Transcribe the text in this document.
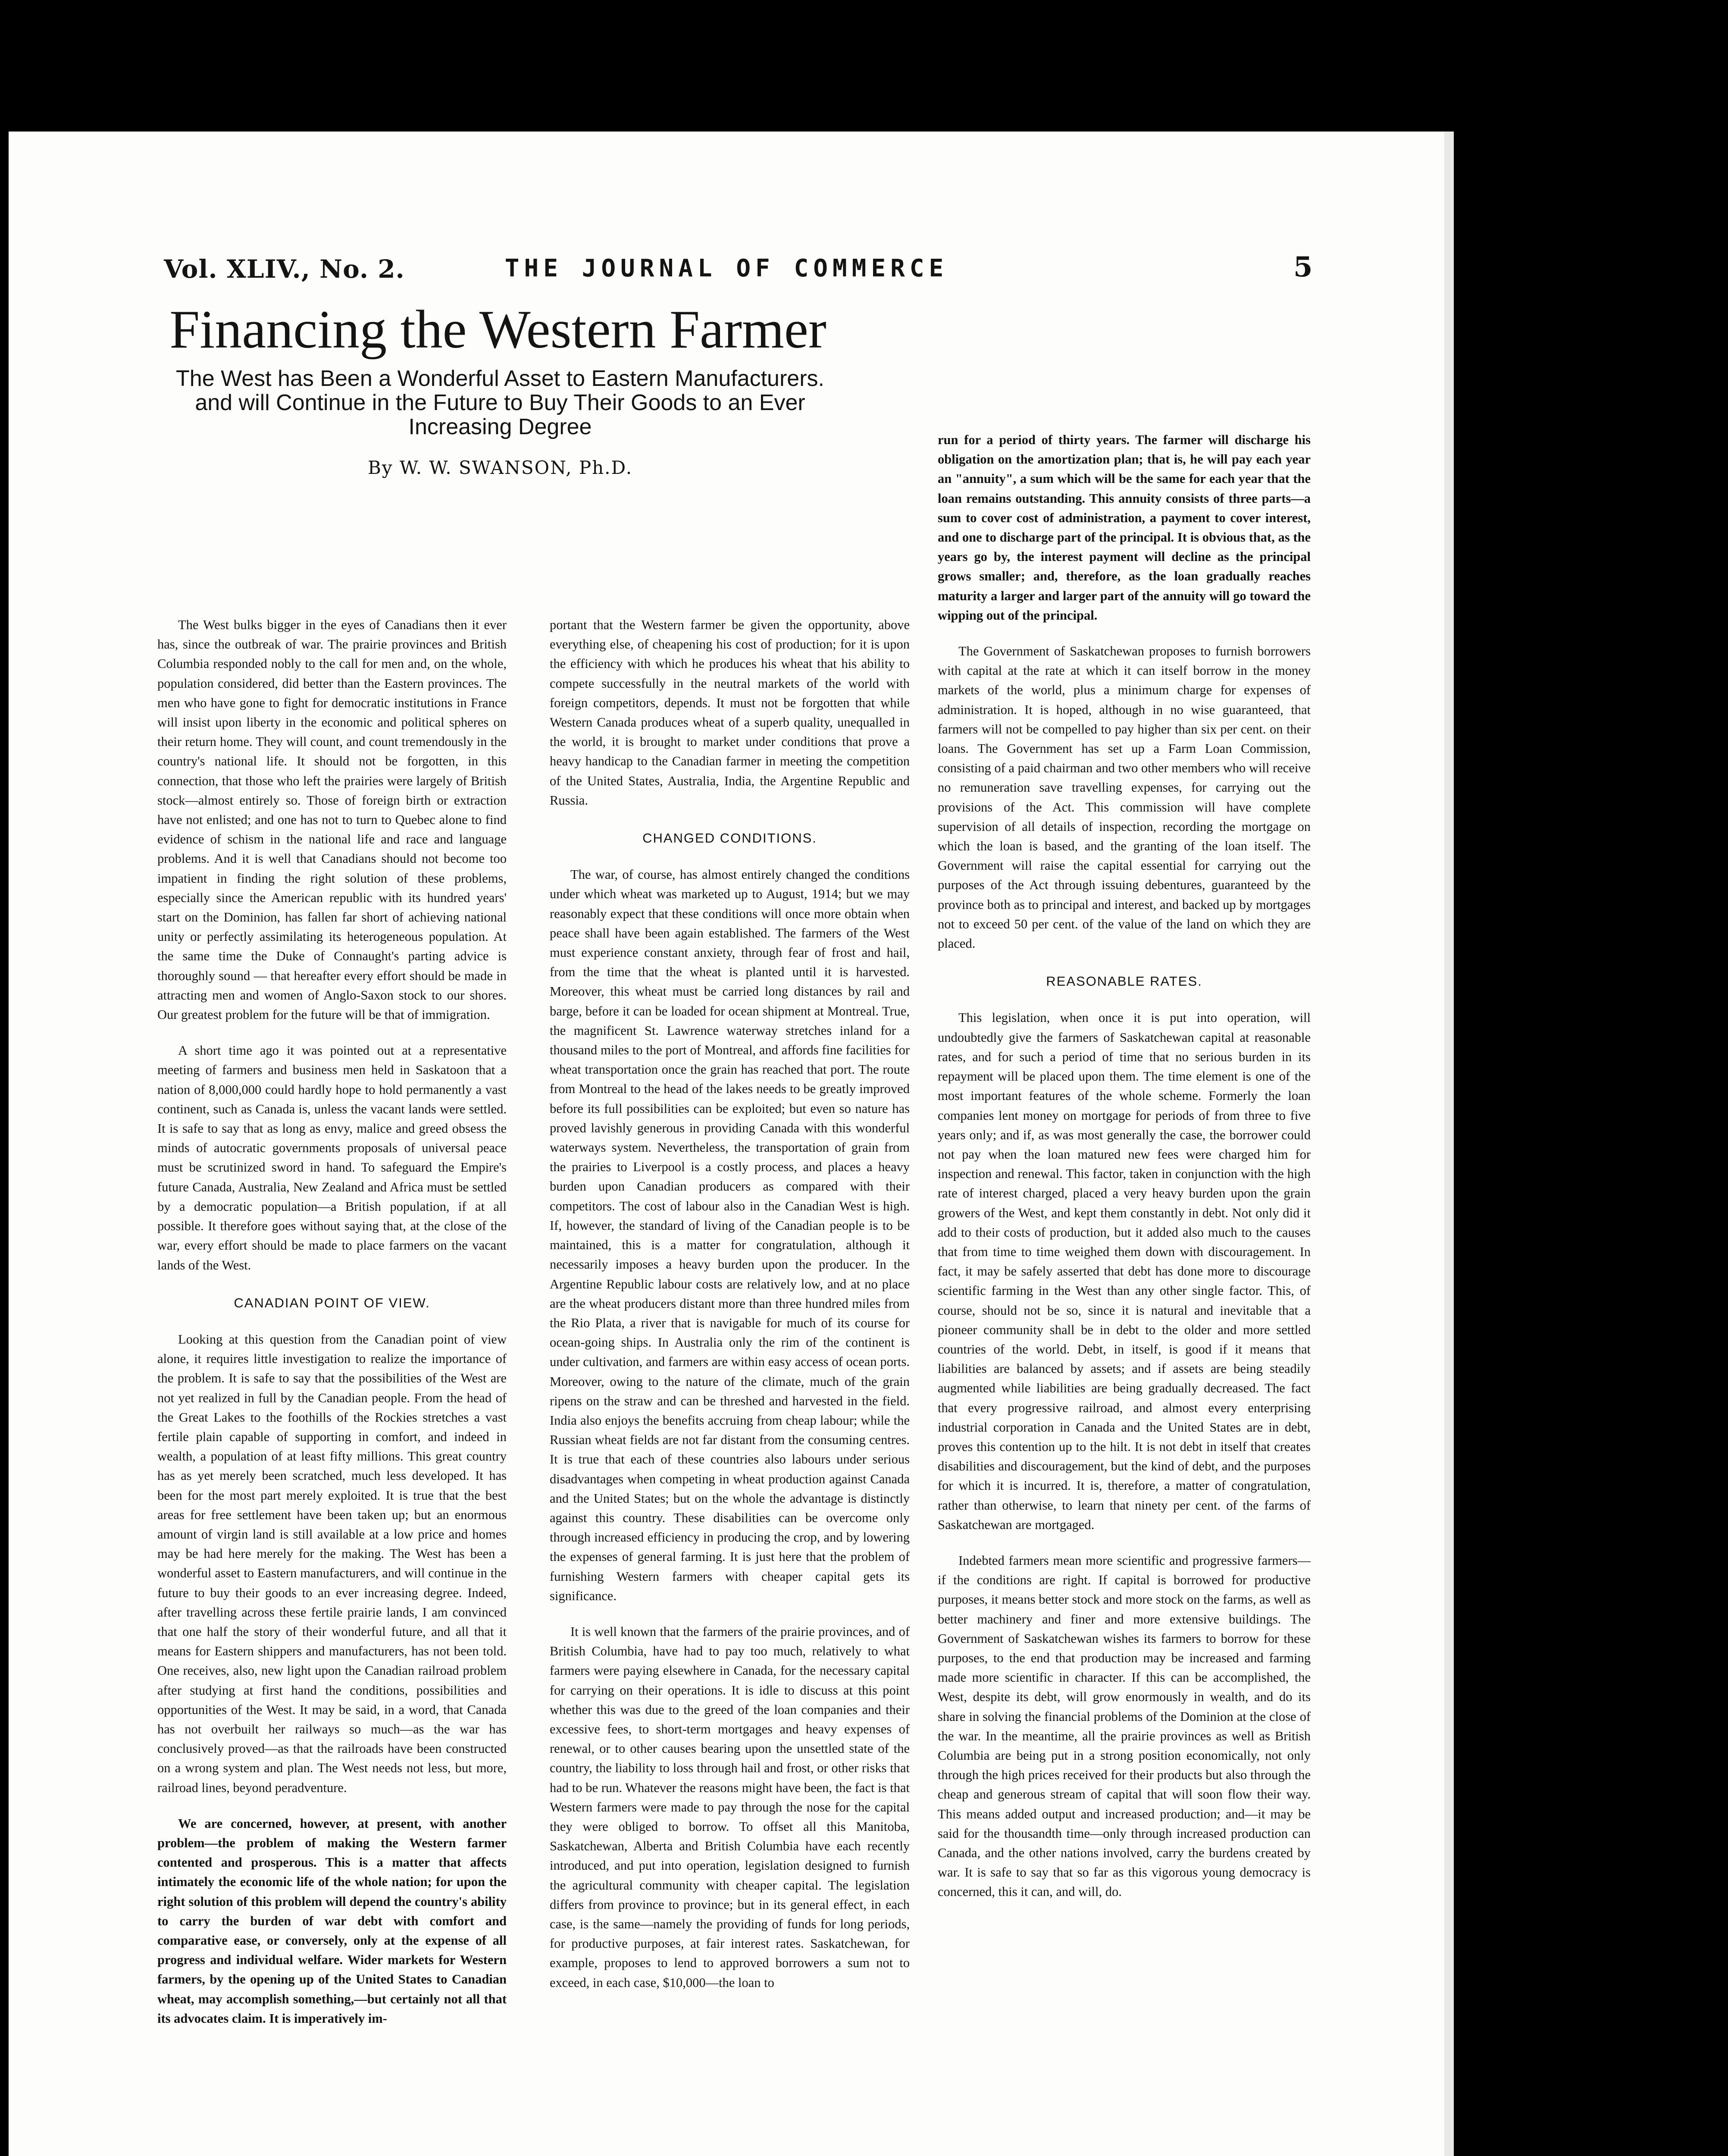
Vol. XLIV., No. 2.	THE JOURNAL OF COMMERCE	5
Financing the Western Farmer
The West has Been a Wonderful Asset to Eastern Manufacturers. and will Continue in the Future to Buy Their Goods to an Ever Increasing Degree
By W. W. SWANSON, Ph.D.

The West bulks bigger in the eyes of Canadians then it ever has, since the outbreak of war. The prairie provinces and British Columbia responded nobly to the call for men and, on the whole, population considered, did better than the Eastern provinces. The men who have gone to fight for democratic institutions in France will insist upon liberty in the economic and political spheres on their return home. They will count, and count tremendously in the country's national life. It should not be forgotten, in this connection, that those who left the prairies were largely of British stock—almost entirely so. Those of foreign birth or extraction have not enlisted; and one has not to turn to Quebec alone to find evidence of schism in the national life and race and language problems. And it is well that Canadians should not become too impatient in finding the right solution of these problems, especially since the American republic with its hundred years' start on the Dominion, has fallen far short of achieving national unity or perfectly assimilating its heterogeneous population. At the same time the Duke of Connaught's parting advice is thoroughly sound — that hereafter every effort should be made in attracting men and women of Anglo-Saxon stock to our shores. Our greatest problem for the future will be that of immigration.

A short time ago it was pointed out at a representative meeting of farmers and business men held in Saskatoon that a nation of 8,000,000 could hardly hope to hold permanently a vast continent, such as Canada is, unless the vacant lands were settled. It is safe to say that as long as envy, malice and greed obsess the minds of autocratic governments proposals of universal peace must be scrutinized sword in hand. To safeguard the Empire's future Canada, Australia, New Zealand and Africa must be settled by a democratic population—a British population, if at all possible. It therefore goes without saying that, at the close of the war, every effort should be made to place farmers on the vacant lands of the West.

CANADIAN POINT OF VIEW.

Looking at this question from the Canadian point of view alone, it requires little investigation to realize the importance of the problem. It is safe to say that the possibilities of the West are not yet realized in full by the Canadian people. From the head of the Great Lakes to the foothills of the Rockies stretches a vast fertile plain capable of supporting in comfort, and indeed in wealth, a population of at least fifty millions. This great country has as yet merely been scratched, much less developed. It has been for the most part merely exploited. It is true that the best areas for free settlement have been taken up; but an enormous amount of virgin land is still available at a low price and homes may be had here merely for the making. The West has been a wonderful asset to Eastern manufacturers, and will continue in the future to buy their goods to an ever increasing degree. Indeed, after travelling across these fertile prairie lands, I am convinced that one half the story of their wonderful future, and all that it means for Eastern shippers and manufacturers, has not been told. One receives, also, new light upon the Canadian railroad problem after studying at first hand the conditions, possibilities and opportunities of the West. It may be said, in a word, that Canada has not overbuilt her railways so much—as the war has conclusively proved—as that the railroads have been constructed on a wrong system and plan. The West needs not less, but more, railroad lines, beyond peradventure.

We are concerned, however, at present, with another problem—the problem of making the Western farmer contented and prosperous. This is a matter that affects intimately the economic life of the whole nation; for upon the right solution of this problem will depend the country's ability to carry the burden of war debt with comfort and comparative ease, or conversely, only at the expense of all progress and individual welfare. Wider markets for Western farmers, by the opening up of the United States to Canadian wheat, may accomplish something,—but certainly not all that its advocates claim. It is imperatively im-

portant that the Western farmer be given the opportunity, above everything else, of cheapening his cost of production; for it is upon the efficiency with which he produces his wheat that his ability to compete successfully in the neutral markets of the world with foreign competitors, depends. It must not be forgotten that while Western Canada produces wheat of a superb quality, unequalled in the world, it is brought to market under conditions that prove a heavy handicap to the Canadian farmer in meeting the competition of the United States, Australia, India, the Argentine Republic and Russia.

CHANGED CONDITIONS.

The war, of course, has almost entirely changed the conditions under which wheat was marketed up to August, 1914; but we may reasonably expect that these conditions will once more obtain when peace shall have been again established. The farmers of the West must experience constant anxiety, through fear of frost and hail, from the time that the wheat is planted until it is harvested. Moreover, this wheat must be carried long distances by rail and barge, before it can be loaded for ocean shipment at Montreal. True, the magnificent St. Lawrence waterway stretches inland for a thousand miles to the port of Montreal, and affords fine facilities for wheat transportation once the grain has reached that port. The route from Montreal to the head of the lakes needs to be greatly improved before its full possibilities can be exploited; but even so nature has proved lavishly generous in providing Canada with this wonderful waterways system. Nevertheless, the transportation of grain from the prairies to Liverpool is a costly process, and places a heavy burden upon Canadian producers as compared with their competitors. The cost of labour also in the Canadian West is high. If, however, the standard of living of the Canadian people is to be maintained, this is a matter for congratulation, although it necessarily imposes a heavy burden upon the producer. In the Argentine Republic labour costs are relatively low, and at no place are the wheat producers distant more than three hundred miles from the Rio Plata, a river that is navigable for much of its course for ocean-going ships. In Australia only the rim of the continent is under cultivation, and farmers are within easy access of ocean ports. Moreover, owing to the nature of the climate, much of the grain ripens on the straw and can be threshed and harvested in the field. India also enjoys the benefits accruing from cheap labour; while the Russian wheat fields are not far distant from the consuming centres. It is true that each of these countries also labours under serious disadvantages when competing in wheat production against Canada and the United States; but on the whole the advantage is distinctly against this country. These disabilities can be overcome only through increased efficiency in producing the crop, and by lowering the expenses of general farming. It is just here that the problem of furnishing Western farmers with cheaper capital gets its significance.

It is well known that the farmers of the prairie provinces, and of British Columbia, have had to pay too much, relatively to what farmers were paying elsewhere in Canada, for the necessary capital for carrying on their operations. It is idle to discuss at this point whether this was due to the greed of the loan companies and their excessive fees, to short-term mortgages and heavy expenses of renewal, or to other causes bearing upon the unsettled state of the country, the liability to loss through hail and frost, or other risks that had to be run. Whatever the reasons might have been, the fact is that Western farmers were made to pay through the nose for the capital they were obliged to borrow. To offset all this Manitoba, Saskatchewan, Alberta and British Columbia have each recently introduced, and put into operation, legislation designed to furnish the agricultural community with cheaper capital. The legislation differs from province to province; but in its general effect, in each case, is the same—namely the providing of funds for long periods, for productive purposes, at fair interest rates. Saskatchewan, for example, proposes to lend to approved borrowers a sum not to exceed, in each case, $10,000—the loan to

run for a period of thirty years. The farmer will discharge his obligation on the amortization plan; that is, he will pay each year an "annuity", a sum which will be the same for each year that the loan remains outstanding. This annuity consists of three parts—a sum to cover cost of administration, a payment to cover interest, and one to discharge part of the principal. It is obvious that, as the years go by, the interest payment will decline as the principal grows smaller; and, therefore, as the loan gradually reaches maturity a larger and larger part of the annuity will go toward the wipping out of the principal.

The Government of Saskatchewan proposes to furnish borrowers with capital at the rate at which it can itself borrow in the money markets of the world, plus a minimum charge for expenses of administration. It is hoped, although in no wise guaranteed, that farmers will not be compelled to pay higher than six per cent. on their loans. The Government has set up a Farm Loan Commission, consisting of a paid chairman and two other members who will receive no remuneration save travelling expenses, for carrying out the provisions of the Act. This commission will have complete supervision of all details of inspection, recording the mortgage on which the loan is based, and the granting of the loan itself. The Government will raise the capital essential for carrying out the purposes of the Act through issuing debentures, guaranteed by the province both as to principal and interest, and backed up by mortgages not to exceed 50 per cent. of the value of the land on which they are placed.

REASONABLE RATES.

This legislation, when once it is put into operation, will undoubtedly give the farmers of Saskatchewan capital at reasonable rates, and for such a period of time that no serious burden in its repayment will be placed upon them. The time element is one of the most important features of the whole scheme. Formerly the loan companies lent money on mortgage for periods of from three to five years only; and if, as was most generally the case, the borrower could not pay when the loan matured new fees were charged him for inspection and renewal. This factor, taken in conjunction with the high rate of interest charged, placed a very heavy burden upon the grain growers of the West, and kept them constantly in debt. Not only did it add to their costs of production, but it added also much to the causes that from time to time weighed them down with discouragement. In fact, it may be safely asserted that debt has done more to discourage scientific farming in the West than any other single factor. This, of course, should not be so, since it is natural and inevitable that a pioneer community shall be in debt to the older and more settled countries of the world. Debt, in itself, is good if it means that liabilities are balanced by assets; and if assets are being steadily augmented while liabilities are being gradually decreased. The fact that every progressive railroad, and almost every enterprising industrial corporation in Canada and the United States are in debt, proves this contention up to the hilt. It is not debt in itself that creates disabilities and discouragement, but the kind of debt, and the purposes for which it is incurred. It is, therefore, a matter of congratulation, rather than otherwise, to learn that ninety per cent. of the farms of Saskatchewan are mortgaged.

Indebted farmers mean more scientific and progressive farmers—if the conditions are right. If capital is borrowed for productive purposes, it means better stock and more stock on the farms, as well as better machinery and finer and more extensive buildings. The Government of Saskatchewan wishes its farmers to borrow for these purposes, to the end that production may be increased and farming made more scientific in character. If this can be accomplished, the West, despite its debt, will grow enormously in wealth, and do its share in solving the financial problems of the Dominion at the close of the war. In the meantime, all the prairie provinces as well as British Columbia are being put in a strong position economically, not only through the high prices received for their products but also through the cheap and generous stream of capital that will soon flow their way. This means added output and increased production; and—it may be said for the thousandth time—only through increased production can Canada, and the other nations involved, carry the burdens created by war. It is safe to say that so far as this vigorous young democracy is concerned, this it can, and will, do.
